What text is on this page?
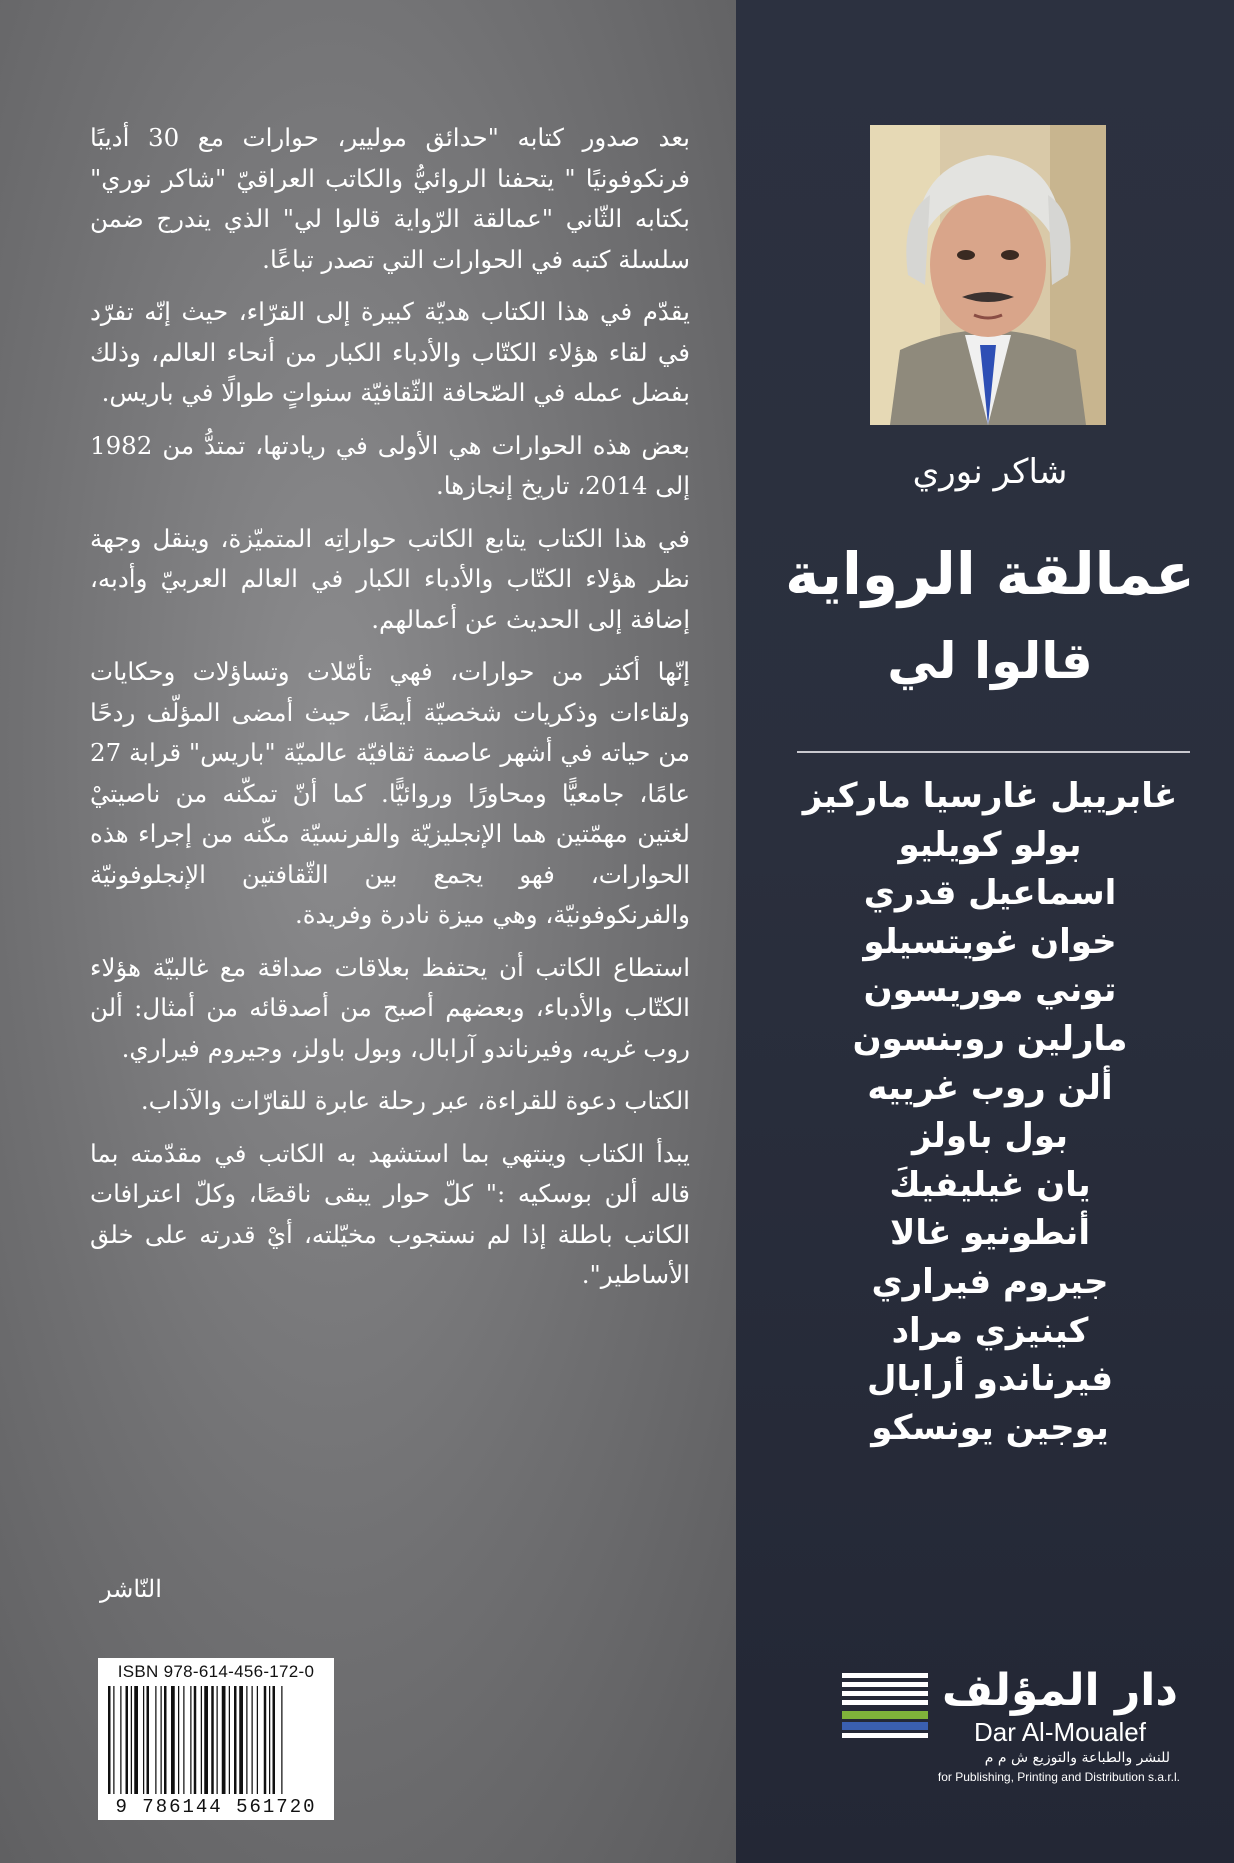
بعد صدور كتابه "حدائق موليير، حوارات مع 30 أديبًا فرنكوفونيًا " يتحفنا الروائيُّ والكاتب العراقيّ "شاكر نوري" بكتابه الثّاني "عمالقة الرّواية قالوا لي" الذي يندرج ضمن سلسلة كتبه في الحوارات التي تصدر تباعًا.

يقدّم في هذا الكتاب هديّة كبيرة إلى القرّاء، حيث إنّه تفرّد في لقاء هؤلاء الكتّاب والأدباء الكبار من أنحاء العالم، وذلك بفضل عمله في الصّحافة الثّقافيّة سنواتٍ طوالًا في باريس.

بعض هذه الحوارات هي الأولى في ريادتها، تمتدُّ من 1982 إلى 2014، تاريخ إنجازها.

في هذا الكتاب يتابع الكاتب حواراتِه المتميّزة، وينقل وجهة نظر هؤلاء الكتّاب والأدباء الكبار في العالم العربيّ وأدبه، إضافة إلى الحديث عن أعمالهم.

إنّها أكثر من حوارات، فهي تأمّلات وتساؤلات وحكايات ولقاءات وذكريات شخصيّة أيضًا، حيث أمضى المؤلّف ردحًا من حياته في أشهر عاصمة ثقافيّة عالميّة "باريس" قرابة 27 عامًا، جامعيًّا ومحاورًا وروائيًّا. كما أنّ تمكّنه من ناصيتيْ لغتين مهمّتين هما الإنجليزيّة والفرنسيّة مكّنه من إجراء هذه الحوارات، فهو يجمع بين الثّقافتين الإنجلوفونيّة والفرنكوفونيّة، وهي ميزة نادرة وفريدة.

استطاع الكاتب أن يحتفظ بعلاقات صداقة مع غالبيّة هؤلاء الكتّاب والأدباء، وبعضهم أصبح من أصدقائه من أمثال: ألن روب غريه، وفيرناندو آرابال، وبول باولز، وجيروم فيراري.

الكتاب دعوة للقراءة، عبر رحلة عابرة للقارّات والآداب.

يبدأ الكتاب وينتهي بما استشهد به الكاتب في مقدّمته بما قاله ألن بوسكيه :" كلّ حوار يبقى ناقصًا، وكلّ اعترافات الكاتب باطلة إذا لم نستجوب مخيّلته، أيْ قدرته على خلق الأساطير".

النّاشر
ISBN 978-614-456-172-0
9 786144 561720
شاكر نوري
عمالقة الرواية
قالوا لي
غابرييل غارسيا ماركيز
بولو كويليو
اسماعيل قدري
خوان غويتسيلو
توني موريسون
مارلين روبنسون
ألن روب غرييه
بول باولز
يان غيليفيكَ
أنطونيو غالا
جيروم فيراري
كينيزي مراد
فيرناندو أرابال
يوجين يونسكو
دار المؤلف
Dar Al-Moualef
للنشر والطباعة والتوزيع ش م م
for Publishing, Printing and Distribution s.a.r.l.
